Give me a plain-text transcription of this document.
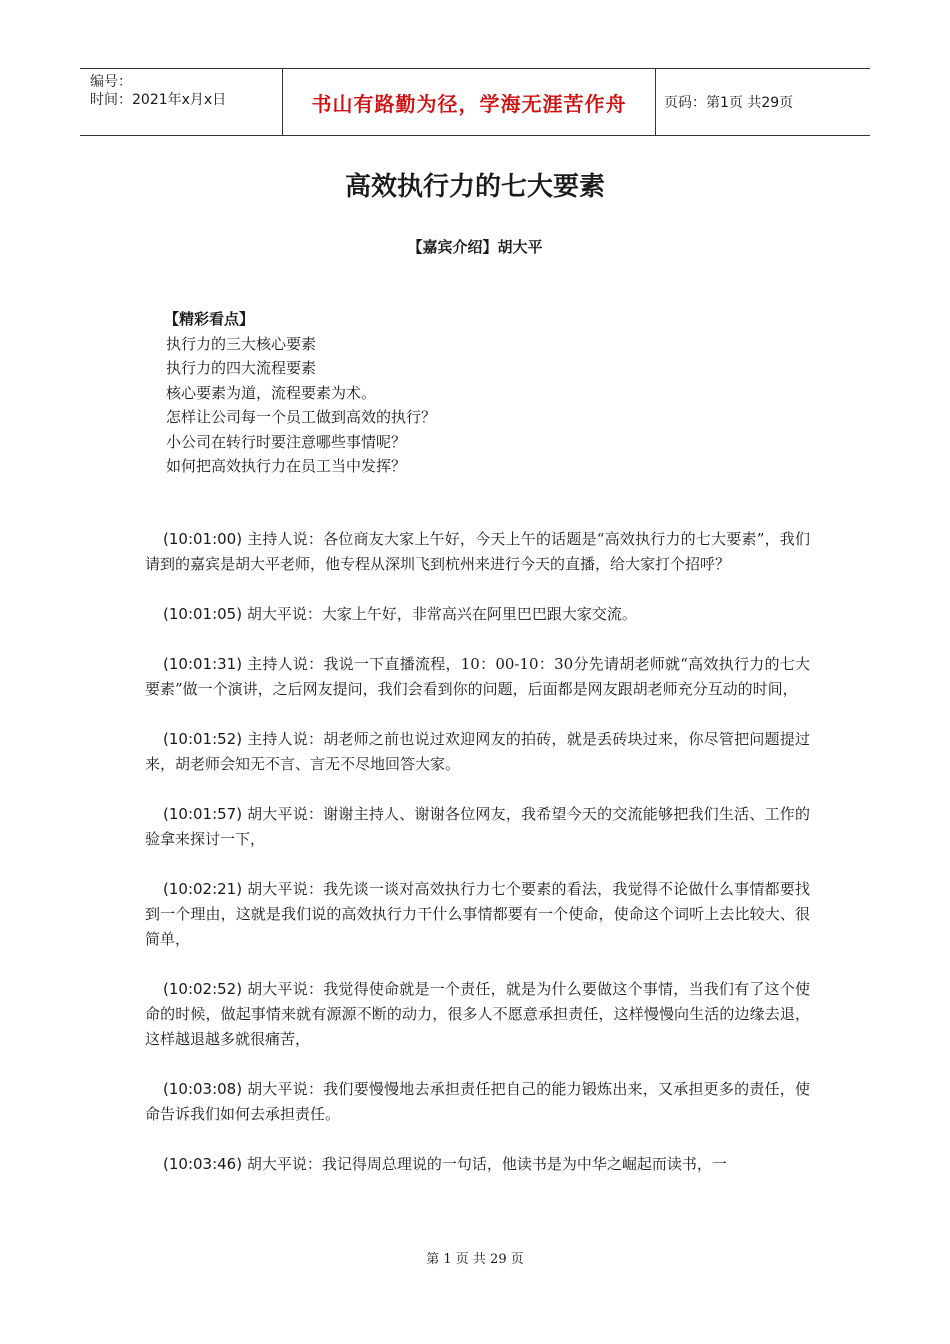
编号：
时间：2021年x月x日	书山有路勤为径，学海无涯苦作舟	页码：第1页 共29页
高效执行力的七大要素
【嘉宾介绍】胡大平
【精彩看点】
执行力的三大核心要素
执行力的四大流程要素
核心要素为道，流程要素为术。
怎样让公司每一个员工做到高效的执行？
小公司在转行时要注意哪些事情呢？
如何把高效执行力在员工当中发挥？

(10:01:00) 主持人说：各位商友大家上午好，今天上午的话题是“高效执行力的七大要素”，我们请到的嘉宾是胡大平老师，他专程从深圳飞到杭州来进行今天的直播，给大家打个招呼？

(10:01:05) 胡大平说：大家上午好，非常高兴在阿里巴巴跟大家交流。

(10:01:31) 主持人说：我说一下直播流程，10：00-10：30分先请胡老师就“高效执行力的七大要素”做一个演讲，之后网友提问，我们会看到你的问题，后面都是网友跟胡老师充分互动的时间，

(10:01:52) 主持人说：胡老师之前也说过欢迎网友的拍砖，就是丢砖块过来，你尽管把问题提过来，胡老师会知无不言、言无不尽地回答大家。

(10:01:57) 胡大平说：谢谢主持人、谢谢各位网友，我希望今天的交流能够把我们生活、工作的验拿来探讨一下，

(10:02:21) 胡大平说：我先谈一谈对高效执行力七个要素的看法，我觉得不论做什么事情都要找到一个理由，这就是我们说的高效执行力干什么事情都要有一个使命，使命这个词听上去比较大、很简单，

(10:02:52) 胡大平说：我觉得使命就是一个责任，就是为什么要做这个事情，当我们有了这个使命的时候，做起事情来就有源源不断的动力，很多人不愿意承担责任，这样慢慢向生活的边缘去退，这样越退越多就很痛苦，

(10:03:08) 胡大平说：我们要慢慢地去承担责任把自己的能力锻炼出来，又承担更多的责任，使命告诉我们如何去承担责任。

(10:03:46) 胡大平说：我记得周总理说的一句话，他读书是为中华之崛起而读书，一

第 1 页 共 29 页
